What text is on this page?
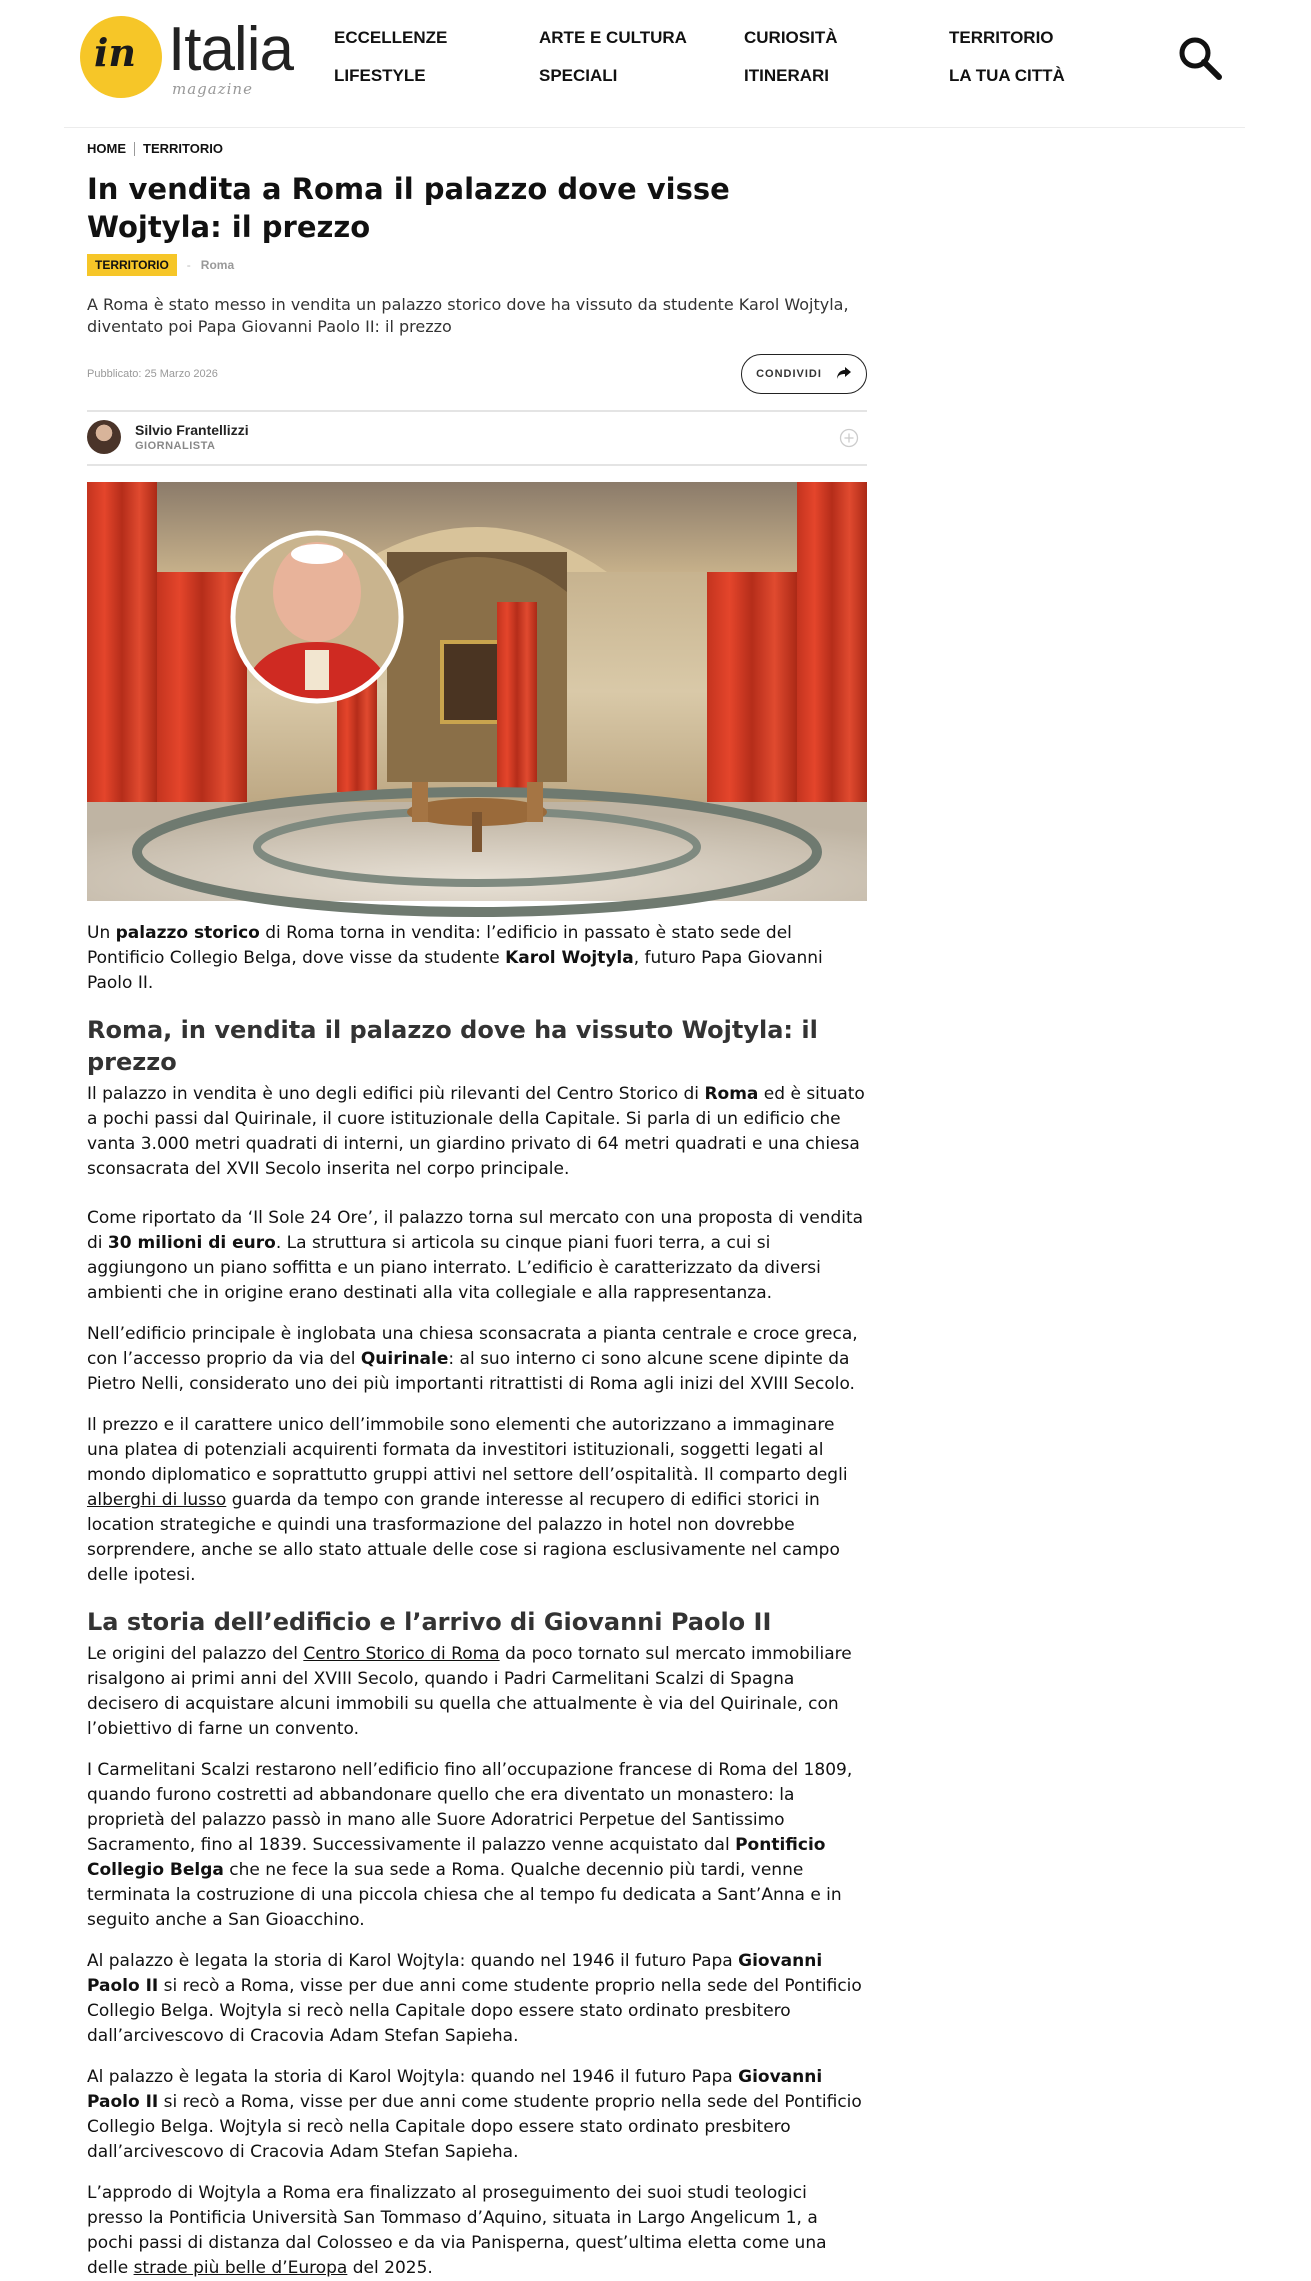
in Italia
magazine
ECCELLENZE	ARTE E CULTURA	CURIOSITÀ	TERRITORIO
LIFESTYLE	SPECIALI	ITINERARI	LA TUA CITTÀ
HOME TERRITORIO
In vendita a Roma il palazzo dove visse Wojtyla: il prezzo
TERRITORIO	- Roma

A Roma è stato messo in vendita un palazzo storico dove ha vissuto da studente Karol Wojtyla, diventato poi Papa Giovanni Paolo II: il prezzo

Pubblicato: 25 Marzo 2026	CONDIVIDI
Silvio Frantellizzi
GIORNALISTA

Un palazzo storico di Roma torna in vendita: l’edificio in passato è stato sede del Pontificio Collegio Belga, dove visse da studente Karol Wojtyla, futuro Papa Giovanni Paolo II.

Roma, in vendita il palazzo dove ha vissuto Wojtyla: il prezzo

Il palazzo in vendita è uno degli edifici più rilevanti del Centro Storico di Roma ed è situato a pochi passi dal Quirinale, il cuore istituzionale della Capitale. Si parla di un edificio che vanta 3.000 metri quadrati di interni, un giardino privato di 64 metri quadrati e una chiesa sconsacrata del XVII Secolo inserita nel corpo principale.

Come riportato da ‘Il Sole 24 Ore’, il palazzo torna sul mercato con una proposta di vendita di 30 milioni di euro. La struttura si articola su cinque piani fuori terra, a cui si aggiungono un piano soffitta e un piano interrato. L’edificio è caratterizzato da diversi ambienti che in origine erano destinati alla vita collegiale e alla rappresentanza.

Nell’edificio principale è inglobata una chiesa sconsacrata a pianta centrale e croce greca, con l’accesso proprio da via del Quirinale: al suo interno ci sono alcune scene dipinte da Pietro Nelli, considerato uno dei più importanti ritrattisti di Roma agli inizi del XVIII Secolo.

Il prezzo e il carattere unico dell’immobile sono elementi che autorizzano a immaginare una platea di potenziali acquirenti formata da investitori istituzionali, soggetti legati al mondo diplomatico e soprattutto gruppi attivi nel settore dell’ospitalità. Il comparto degli alberghi di lusso guarda da tempo con grande interesse al recupero di edifici storici in location strategiche e quindi una trasformazione del palazzo in hotel non dovrebbe sorprendere, anche se allo stato attuale delle cose si ragiona esclusivamente nel campo delle ipotesi.

La storia dell’edificio e l’arrivo di Giovanni Paolo II

Le origini del palazzo del Centro Storico di Roma da poco tornato sul mercato immobiliare risalgono ai primi anni del XVIII Secolo, quando i Padri Carmelitani Scalzi di Spagna decisero di acquistare alcuni immobili su quella che attualmente è via del Quirinale, con l’obiettivo di farne un convento.

I Carmelitani Scalzi restarono nell’edificio fino all’occupazione francese di Roma del 1809, quando furono costretti ad abbandonare quello che era diventato un monastero: la proprietà del palazzo passò in mano alle Suore Adoratrici Perpetue del Santissimo Sacramento, fino al 1839. Successivamente il palazzo venne acquistato dal Pontificio Collegio Belga che ne fece la sua sede a Roma. Qualche decennio più tardi, venne terminata la costruzione di una piccola chiesa che al tempo fu dedicata a Sant’Anna e in seguito anche a San Gioacchino.

Al palazzo è legata la storia di Karol Wojtyla: quando nel 1946 il futuro Papa Giovanni Paolo II si recò a Roma, visse per due anni come studente proprio nella sede del Pontificio Collegio Belga. Wojtyla si recò nella Capitale dopo essere stato ordinato presbitero dall’arcivescovo di Cracovia Adam Stefan Sapieha.

Al palazzo è legata la storia di Karol Wojtyla: quando nel 1946 il futuro Papa Giovanni Paolo II si recò a Roma, visse per due anni come studente proprio nella sede del Pontificio Collegio Belga. Wojtyla si recò nella Capitale dopo essere stato ordinato presbitero dall’arcivescovo di Cracovia Adam Stefan Sapieha.

L’approdo di Wojtyla a Roma era finalizzato al proseguimento dei suoi studi teologici presso la Pontificia Università San Tommaso d’Aquino, situata in Largo Angelicum 1, a pochi passi di distanza dal Colosseo e da via Panisperna, quest’ultima eletta come una delle strade più belle d’Europa del 2025.
